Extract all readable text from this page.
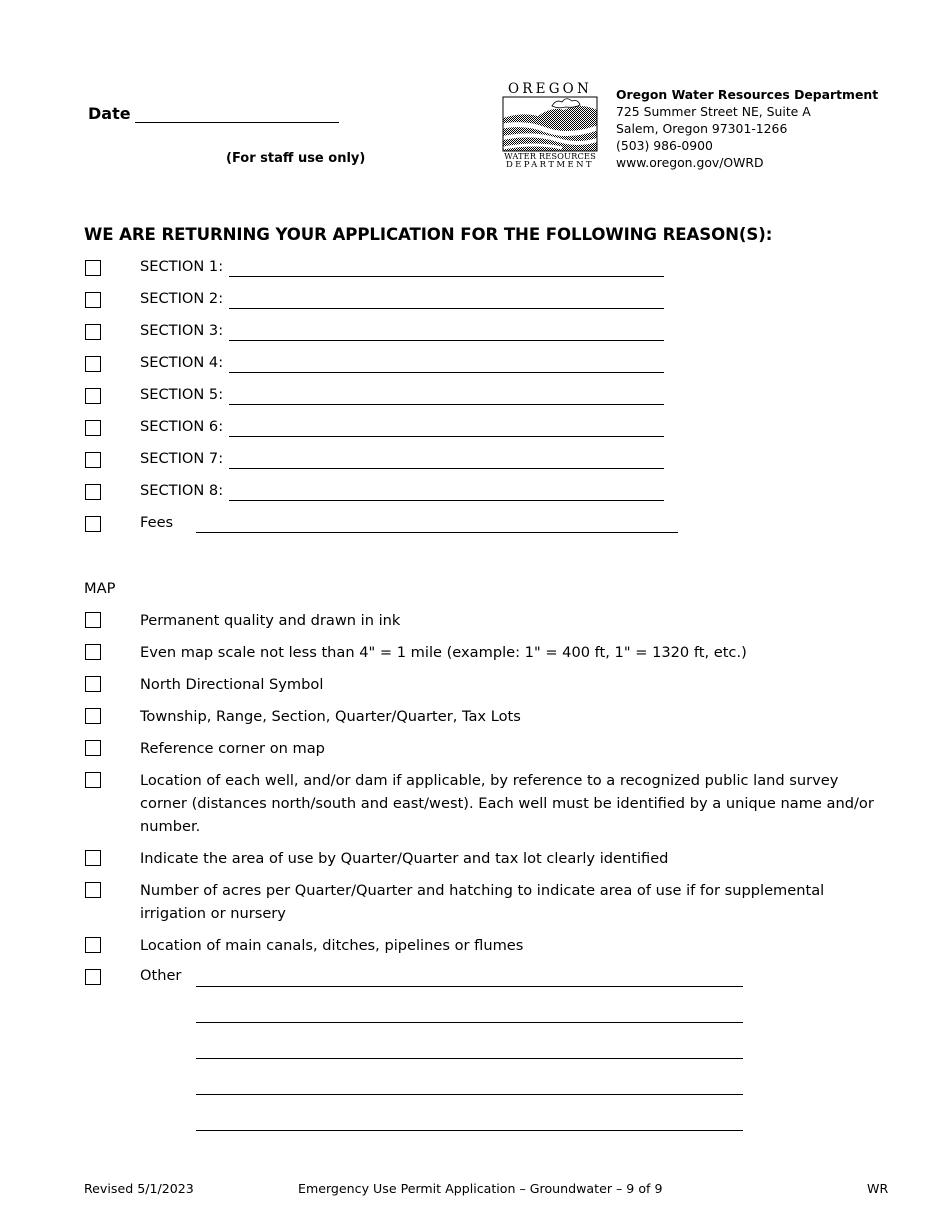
Date
(For staff use only)
OREGON
WATER RESOURCES
DEPARTMENT
Oregon Water Resources Department
725 Summer Street NE, Suite A
Salem, Oregon 97301-1266
(503) 986-0900
www.oregon.gov/OWRD
WE ARE RETURNING YOUR APPLICATION FOR THE FOLLOWING REASON(S):
SECTION 1:
SECTION 2:
SECTION 3:
SECTION 4:
SECTION 5:
SECTION 6:
SECTION 7:
SECTION 8:
Fees
MAP
Permanent quality and drawn in ink
Even map scale not less than 4" = 1 mile (example: 1" = 400 ft, 1" = 1320 ft, etc.)
North Directional Symbol
Township, Range, Section, Quarter/Quarter, Tax Lots
Reference corner on map
Location of each well, and/or dam if applicable, by reference to a recognized public land survey corner (distances north/south and east/west). Each well must be identified by a unique name and/or number.
Indicate the area of use by Quarter/Quarter and tax lot clearly identified
Number of acres per Quarter/Quarter and hatching to indicate area of use if for supplemental irrigation or nursery
Location of main canals, ditches, pipelines or flumes
Other
Revised 5/1/2023	Emergency Use Permit Application – Groundwater – 9 of 9	WR
